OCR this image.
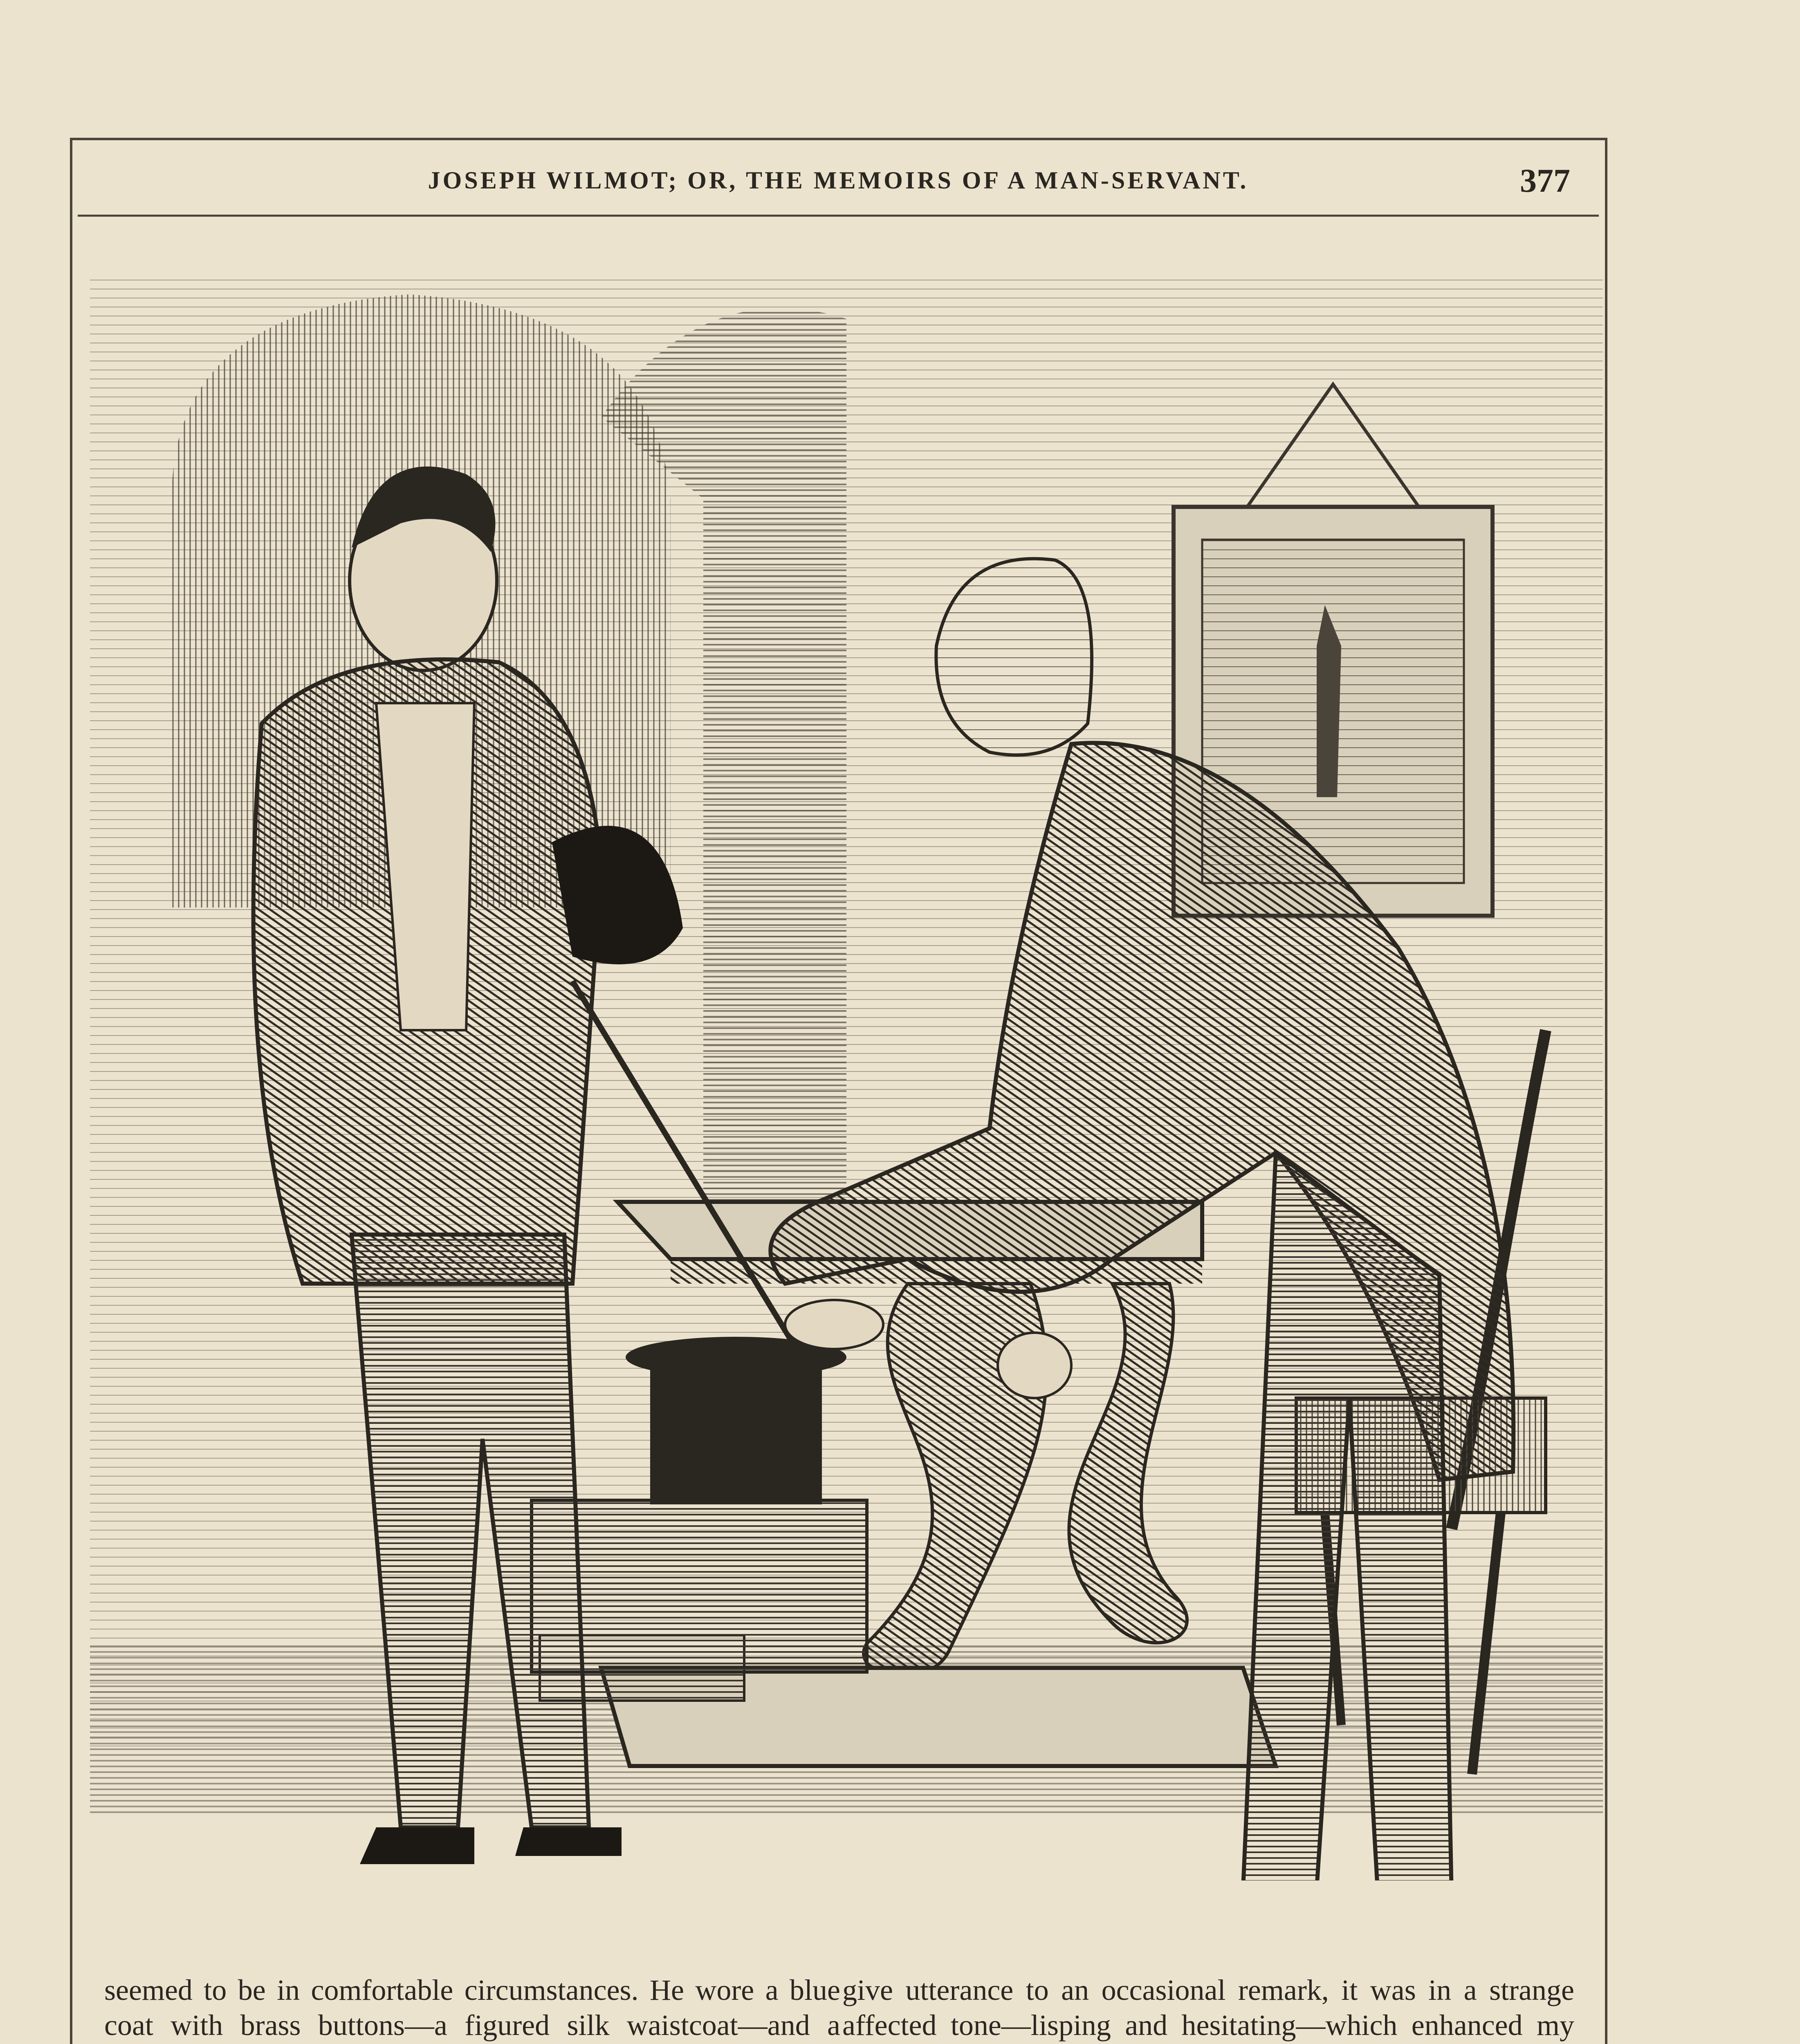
JOSEPH WILMOT; OR, THE MEMOIRS OF A MAN-SERVANT.	377

seemed to be in comfortable circumstances. He wore a blue coat with brass buttons—a figured silk waistcoat—and a

give utterance to an occasional remark, it was in a strange affected tone—lisping and hesitating—which enhanced my
